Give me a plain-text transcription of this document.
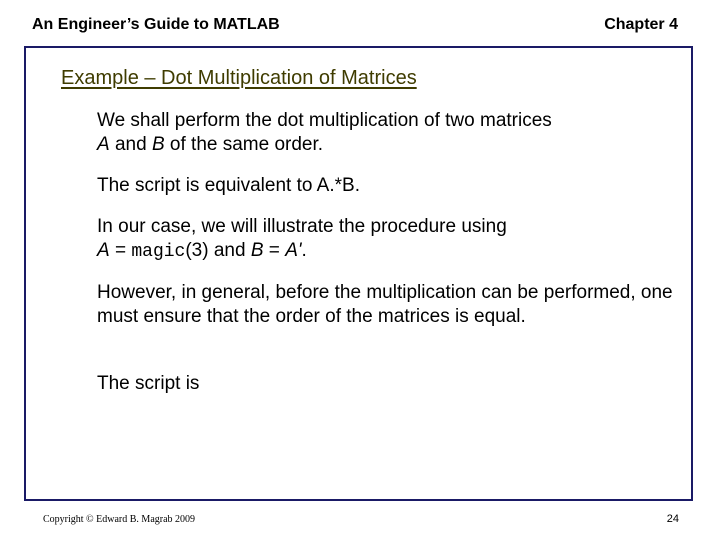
An Engineer’s Guide to MATLAB	Chapter 4
Example – Dot Multiplication of Matrices
We shall perform the dot multiplication of two matrices
A and B of the same order.
The script is equivalent to A.*B.
In our case, we will illustrate the procedure using
A = magic(3) and B = A'.
However, in general, before the multiplication can be performed, one must ensure that the order of the matrices is equal.
The script is
Copyright © Edward B. Magrab 2009	24
